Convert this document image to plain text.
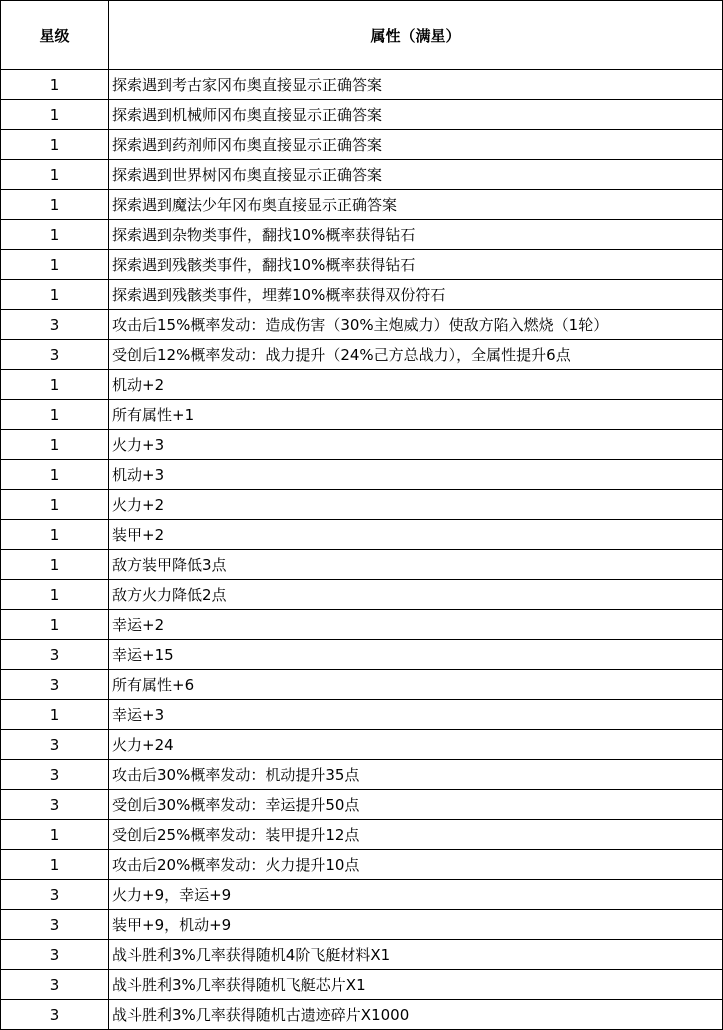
星级	属性（满星）
1	探索遇到考古家冈布奥直接显示正确答案
1	探索遇到机械师冈布奥直接显示正确答案
1	探索遇到药剂师冈布奥直接显示正确答案
1	探索遇到世界树冈布奥直接显示正确答案
1	探索遇到魔法少年冈布奥直接显示正确答案
1	探索遇到杂物类事件，翻找10%概率获得钻石
1	探索遇到残骸类事件，翻找10%概率获得钻石
1	探索遇到残骸类事件，埋葬10%概率获得双份符石
3	攻击后15%概率发动：造成伤害（30%主炮威力）使敌方陷入燃烧（1轮）
3	受创后12%概率发动：战力提升（24%己方总战力），全属性提升6点
1	机动+2
1	所有属性+1
1	火力+3
1	机动+3
1	火力+2
1	装甲+2
1	敌方装甲降低3点
1	敌方火力降低2点
1	幸运+2
3	幸运+15
3	所有属性+6
1	幸运+3
3	火力+24
3	攻击后30%概率发动：机动提升35点
3	受创后30%概率发动：幸运提升50点
1	受创后25%概率发动：装甲提升12点
1	攻击后20%概率发动：火力提升10点
3	火力+9，幸运+9
3	装甲+9，机动+9
3	战斗胜利3%几率获得随机4阶飞艇材料X1
3	战斗胜利3%几率获得随机飞艇芯片X1
3	战斗胜利3%几率获得随机古遗迹碎片X1000
